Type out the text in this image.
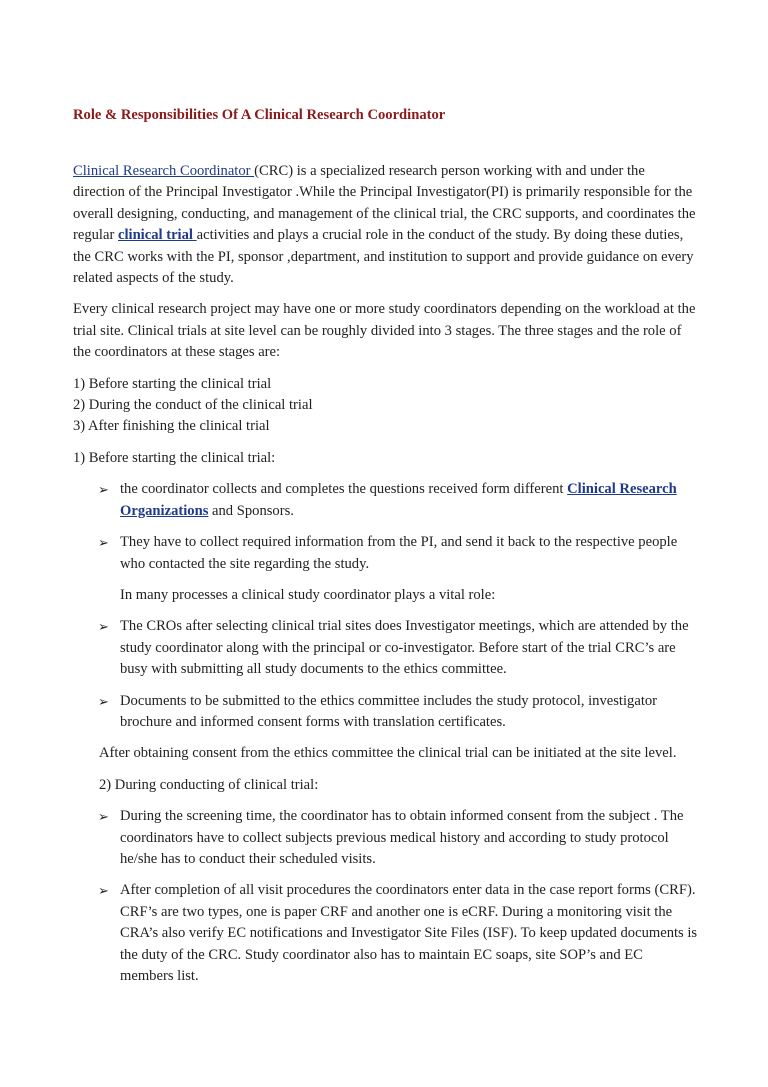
Role & Responsibilities Of A Clinical Research Coordinator

Clinical Research Coordinator (CRC) is a specialized research person working with and under the direction of the Principal Investigator .While the Principal Investigator(PI) is primarily responsible for the overall designing, conducting, and management of the clinical trial, the CRC supports, and coordinates the regular clinical trial activities and plays a crucial role in the conduct of the study. By doing these duties, the CRC works with the PI, sponsor ,department, and institution to support and provide guidance on every related aspects of the study.

Every clinical research project may have one or more study coordinators depending on the workload at the trial site. Clinical trials at site level can be roughly divided into 3 stages. The three stages and the role of the coordinators at these stages are:

1) Before starting the clinical trial

2) During the conduct of the clinical trial

3) After finishing the clinical trial

1) Before starting the clinical trial:

➢ the coordinator collects and completes the questions received form different Clinical Research Organizations and Sponsors.
➢ They have to collect required information from the PI, and send it back to the respective people who contacted the site regarding the study.

In many processes a clinical study coordinator plays a vital role:

➢ The CROs after selecting clinical trial sites does Investigator meetings, which are attended by the study coordinator along with the principal or co-investigator. Before start of the trial CRC’s are busy with submitting all study documents to the ethics committee.
➢ Documents to be submitted to the ethics committee includes the study protocol, investigator brochure and informed consent forms with translation certificates.

After obtaining consent from the ethics committee the clinical trial can be initiated at the site level.

2) During conducting of clinical trial:

➢ During the screening time, the coordinator has to obtain informed consent from the subject . The coordinators have to collect subjects previous medical history and according to study protocol he/she has to conduct their scheduled visits.
➢ After completion of all visit procedures the coordinators enter data in the case report forms (CRF). CRF’s are two types, one is paper CRF and another one is eCRF. During a monitoring visit the CRA’s also verify EC notifications and Investigator Site Files (ISF). To keep updated documents is the duty of the CRC. Study coordinator also has to maintain EC soaps, site SOP’s and EC members list.
